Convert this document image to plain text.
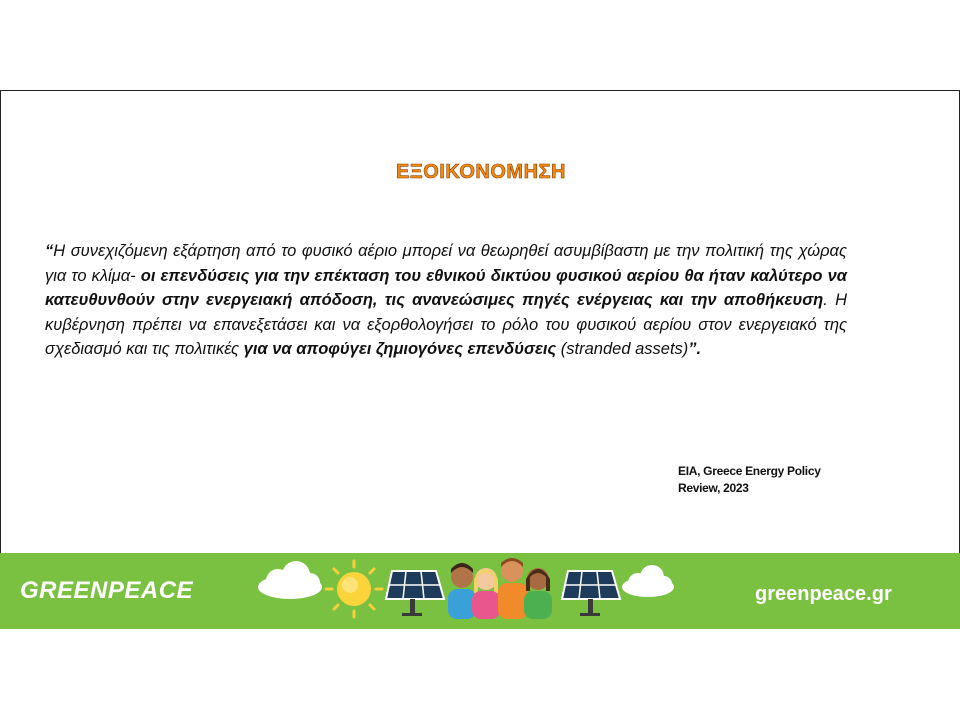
ΕΞΟΙΚΟΝΟΜΗΣΗ
“Η συνεχιζόμενη εξάρτηση από το φυσικό αέριο μπορεί να θεωρηθεί ασυμβίβαστη με την πολιτική της χώρας για το κλίμα- οι επενδύσεις για την επέκταση του εθνικού δικτύου φυσικού αερίου θα ήταν καλύτερο να κατευθυνθούν στην ενεργειακή απόδοση, τις ανανεώσιμες πηγές ενέργειας και την αποθήκευση. Η κυβέρνηση πρέπει να επανεξετάσει και να εξορθολογήσει το ρόλο του φυσικού αερίου στον ενεργειακό της σχεδιασμό και τις πολιτικές για να αποφύγει ζημιογόνες επενδύσεις (stranded assets)”.
EIA, Greece Energy Policy
Review, 2023
GREENPEACE	greenpeace.gr
